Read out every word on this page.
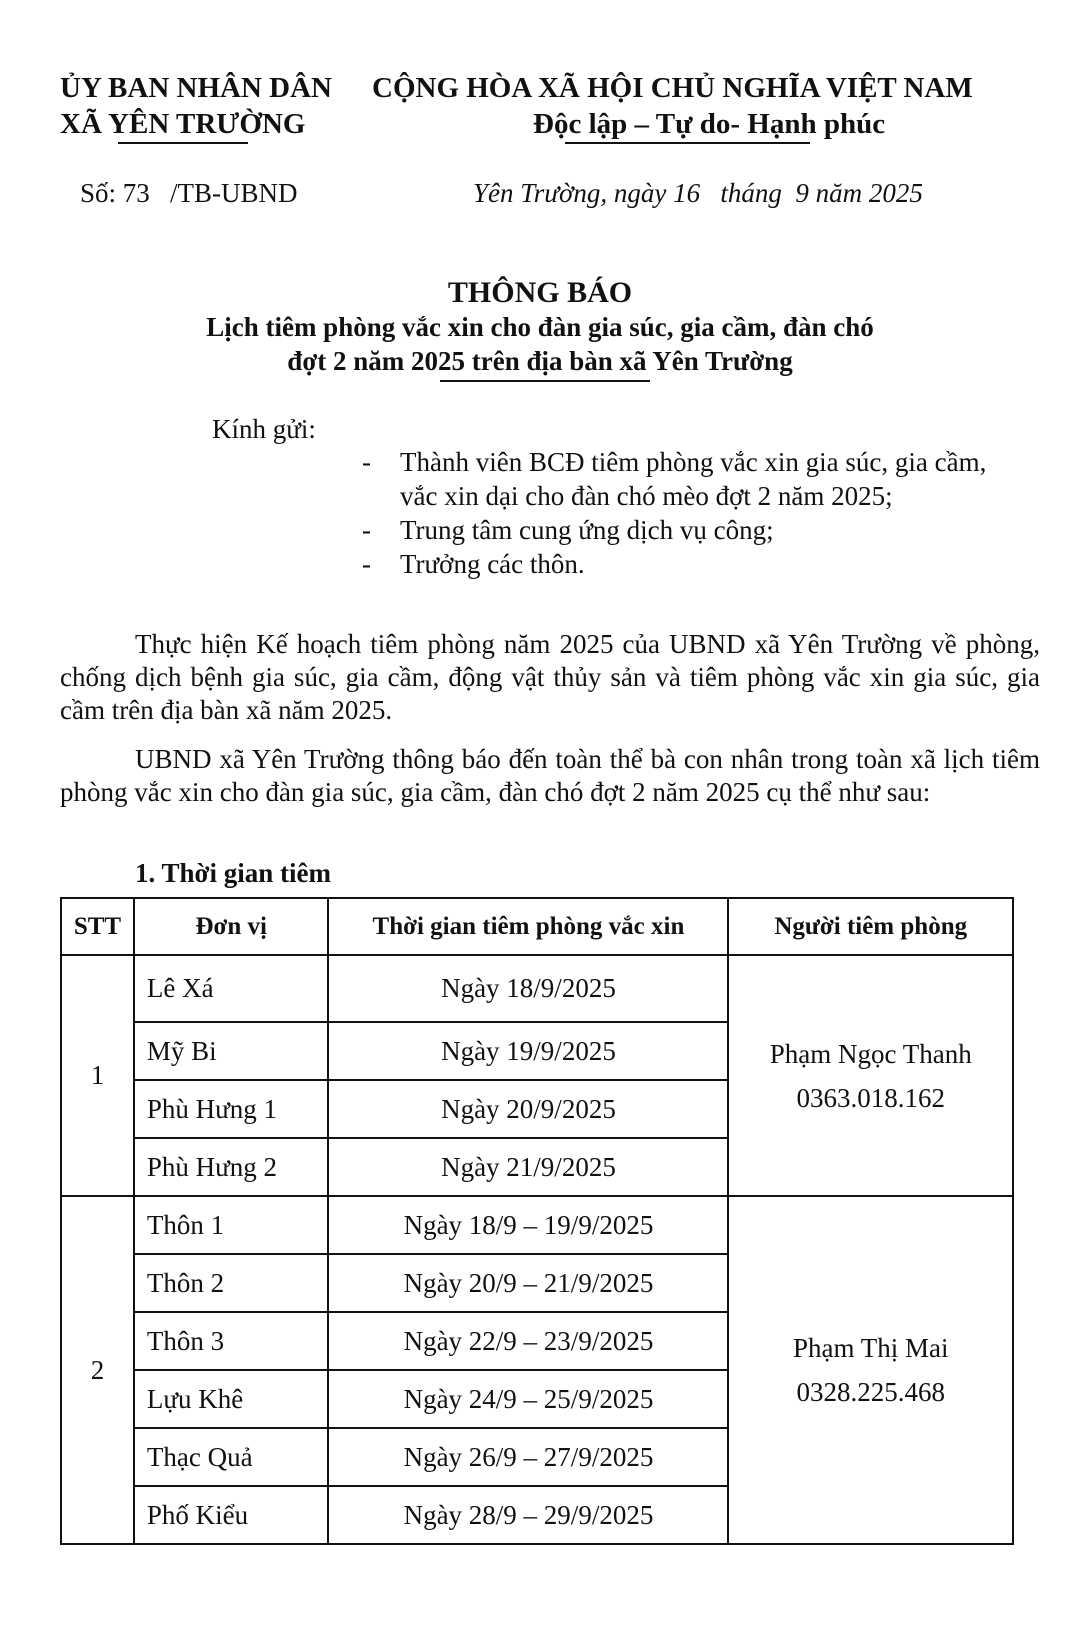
ỦY BAN NHÂN DÂN
XÃ YÊN TRƯỜNG
CỘNG HÒA XÃ HỘI CHỦ NGHĨA VIỆT NAM
Độc lập – Tự do- Hạnh phúc
Số: 73   /TB-UBND	Yên Trường, ngày 16   tháng  9 năm 2025
THÔNG BÁO
Lịch tiêm phòng vắc xin cho đàn gia súc, gia cầm, đàn chó
đợt 2 năm 2025 trên địa bàn xã Yên Trường
Kính gửi:
- Thành viên BCĐ tiêm phòng vắc xin gia súc, gia cầm,
vắc xin dại cho đàn chó mèo đợt 2 năm 2025;
- Trung tâm cung ứng dịch vụ công;
- Trưởng các thôn.
Thực hiện Kế hoạch tiêm phòng năm 2025 của UBND xã Yên Trường về phòng, chống dịch bệnh gia súc, gia cầm, động vật thủy sản và tiêm phòng vắc xin gia súc, gia cầm trên địa bàn xã năm 2025.
UBND xã Yên Trường thông báo đến toàn thể bà con nhân trong toàn xã lịch tiêm phòng vắc xin cho đàn gia súc, gia cầm, đàn chó đợt 2 năm 2025 cụ thể như sau:
1. Thời gian tiêm
STT	Đơn vị	Thời gian tiêm phòng vắc xin	Người tiêm phòng
1	Lê Xá	Ngày 18/9/2025	Phạm Ngọc Thanh
0363.018.162

	Mỹ Bi	Ngày 19/9/2025	
	Phù Hưng 1	Ngày 20/9/2025	
	Phù Hưng 2	Ngày 21/9/2025	
2	Thôn 1	Ngày 18/9 – 19/9/2025	Phạm Thị Mai
0328.225.468

	Thôn 2	Ngày 20/9 – 21/9/2025	
	Thôn 3	Ngày 22/9 – 23/9/2025	
	Lựu Khê	Ngày 24/9 – 25/9/2025	
	Thạc Quả	Ngày 26/9 – 27/9/2025	
	Phố Kiểu	Ngày 28/9 – 29/9/2025	
